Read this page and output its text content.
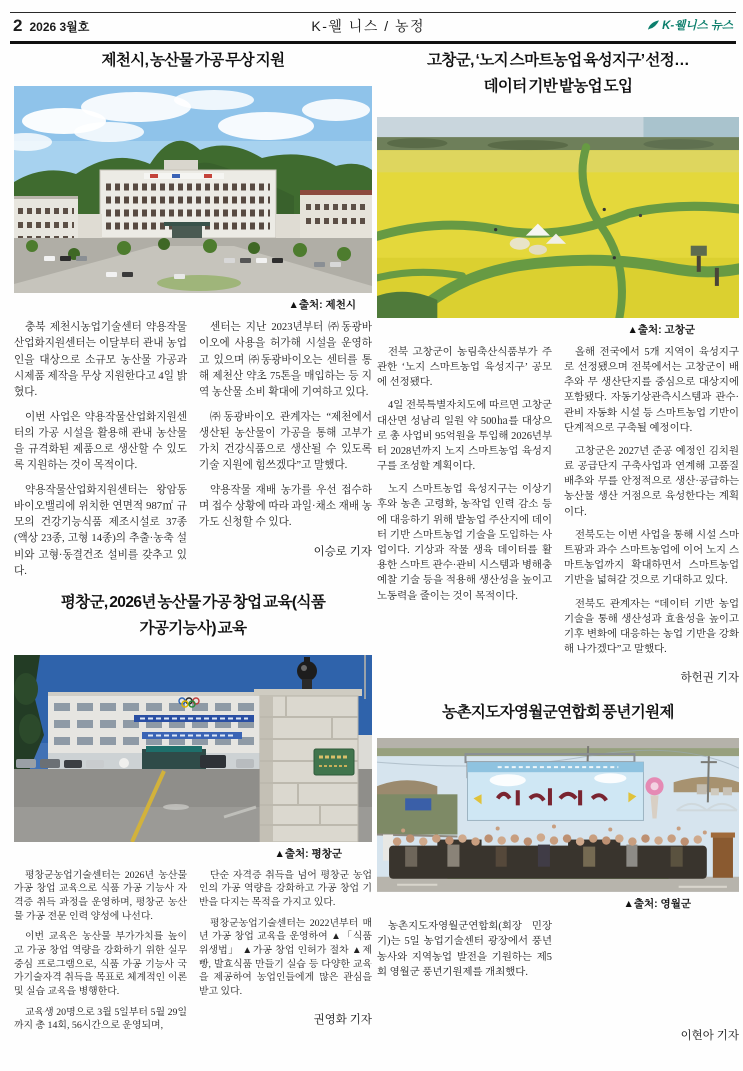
2 2026 3월호	K-웰 니스 / 농정	K-웰니스 뉴스
제천시, 농산물 가공 무상 지원
▲출처: 제천시

충북 제천시농업기술센터 약용작물산업화지원센터는 이달부터 관내 농업인을 대상으로 소규모 농산물 가공과 시제품 제작을 무상 지원한다고 4일 밝혔다.

이번 사업은 약용작물산업화지원센터의 가공 시설을 활용해 관내 농산물을 규격화된 제품으로 생산할 수 있도록 지원하는 것이 목적이다.

약용작물산업화지원센터는 왕암동 바이오밸리에 위치한 연면적 987㎡ 규모의 건강기능식품 제조시설로 37종(액상 23종, 고형 14종)의 추출·농축 설비와 고형·동결건조 설비를 갖추고 있다.

센터는 지난 2023년부터 ㈜동광바이오에 사용을 허가해 시설을 운영하고 있으며 ㈜동광바이오는 센터를 통해 제천산 약초 75톤을 매입하는 등 지역 농산물 소비 확대에 기여하고 있다.

㈜동광바이오 관계자는 “제천에서 생산된 농산물이 가공을 통해 고부가가치 건강식품으로 생산될 수 있도록 기술 지원에 힘쓰겠다”고 말했다.

약용작물 재배 농가를 우선 접수하며 접수 상황에 따라 과일·채소 재배 농가도 신청할 수 있다.

이승로 기자
고창군, ‘노지 스마트농업 육성지구’ 선정…
데이터 기반 밭농업 도입
▲출처: 고창군

전북 고창군이 농림축산식품부가 주관한 ‘노지 스마트농업 육성지구’ 공모에 선정됐다.

4일 전북특별자치도에 따르면 고창군 대산면 성남리 일원 약 500㏊를 대상으로 총 사업비 95억원을 투입해 2026년부터 2028년까지 노지 스마트농업 육성지구를 조성할 계획이다.

노지 스마트농업 육성지구는 이상기후와 농촌 고령화, 농작업 인력 감소 등에 대응하기 위해 밭농업 주산지에 데이터 기반 스마트농업 기술을 도입하는 사업이다. 기상과 작물 생육 데이터를 활용한 스마트 관수·관비 시스템과 병해충 예찰 기술 등을 적용해 생산성을 높이고 노동력을 줄이는 것이 목적이다.

올해 전국에서 5개 지역이 육성지구로 선정됐으며 전북에서는 고창군이 배추와 무 생산단지를 중심으로 대상지에 포함됐다. 자동기상관측시스템과 관수·관비 자동화 시설 등 스마트농업 기반이 단계적으로 구축될 예정이다.

고창군은 2027년 준공 예정인 김치원료 공급단지 구축사업과 연계해 고품질 배추와 무를 안정적으로 생산·공급하는 농산물 생산 거점으로 육성한다는 계획이다.

전북도는 이번 사업을 통해 시설 스마트팜과 과수 스마트농업에 이어 노지 스마트농업까지 확대하면서 스마트농업 기반을 넓혀갈 것으로 기대하고 있다.

전북도 관계자는 “데이터 기반 농업 기술을 통해 생산성과 효율성을 높이고 기후 변화에 대응하는 농업 기반을 강화해 나가겠다”고 말했다.

하헌권 기자
평창군, 2026년 농산물 가공 창업 교육(식품
가공기능사) 교육
▲출처: 평창군

평창군농업기술센터는 2026년 농산물 가공 창업 교육으로 식품 가공 기능사 자격증 취득 과정을 운영하며, 평창군 농산물 가공 전문 인력 양성에 나선다.

이번 교육은 농산물 부가가치를 높이고 가공 창업 역량을 강화하기 위한 실무 중심 프로그램으로, 식품 가공 기능사 국가기술자격 취득을 목표로 체계적인 이론 및 실습 교육을 병행한다.

교육생 20명으로 3월 5일부터 5월 29일까지 총 14회, 56시간으로 운영되며,

단순 자격증 취득을 넘어 평창군 농업인의 가공 역량을 강화하고 가공 창업 기반을 다지는 목적을 가지고 있다.

평창군농업기술센터는 2022년부터 매년 가공 창업 교육을 운영하여 ▲「식품위생법」 ▲가공 창업 인허가 절차 ▲제빵, 발효식품 만들기 실습 등 다양한 교육을 제공하여 농업인들에게 많은 관심을 받고 있다.

권영화 기자
농촌지도자영월군연합회 풍년기원제
▲출처: 영월군

농촌지도자영월군연합회(회장 민장기)는 5일 농업기술센터 광장에서 풍년 농사와 지역농업 발전을 기원하는 제5회 영월군 풍년기원제를 개최했다.

이현아 기자
